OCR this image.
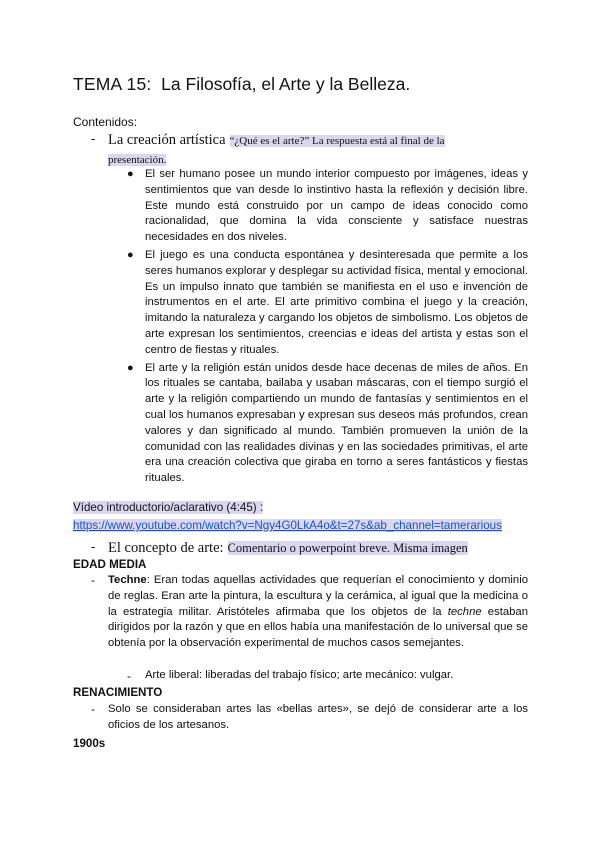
TEMA 15: La Filosofía, el Arte y la Belleza.
Contenidos:
- La creación artística “¿Qué es el arte?” La respuesta está al final de la
presentación.
● El ser humano posee un mundo interior compuesto por imágenes, ideas y sentimientos que van desde lo instintivo hasta la reflexión y decisión libre. Este mundo está construido por un campo de ideas conocido como racionalidad, que domina la vida consciente y satisface nuestras necesidades en dos niveles.
● El juego es una conducta espontánea y desinteresada que permite a los seres humanos explorar y desplegar su actividad física, mental y emocional. Es un impulso innato que también se manifiesta en el uso e invención de instrumentos en el arte. El arte primitivo combina el juego y la creación, imitando la naturaleza y cargando los objetos de simbolismo. Los objetos de arte expresan los sentimientos, creencias e ideas del artista y estas son el centro de fiestas y rituales.
● El arte y la religión están unidos desde hace decenas de miles de años. En los rituales se cantaba, bailaba y usaban máscaras, con el tiempo surgió el arte y la religión compartiendo un mundo de fantasías y sentimientos en el cual los humanos expresaban y expresan sus deseos más profundos, crean valores y dan significado al mundo. También promueven la unión de la comunidad con las realidades divinas y en las sociedades primitivas, el arte era una creación colectiva que giraba en torno a seres fantásticos y fiestas rituales.
Vídeo introductorio/aclarativo (4:45) :
https://www.youtube.com/watch?v=Ngy4G0LkA4o&t=27s&ab_channel=tamerarious
- El concepto de arte: Comentario o powerpoint breve. Misma imagen
EDAD MEDIA
- Techne: Eran todas aquellas actividades que requerían el conocimiento y dominio de reglas. Eran arte la pintura, la escultura y la cerámica, al igual que la medicina o la estrategia militar. Aristóteles afirmaba que los objetos de la techne estaban dirigidos por la razón y que en ellos había una manifestación de lo universal que se obtenía por la observación experimental de muchos casos semejantes.
- Arte liberal: liberadas del trabajo físico; arte mecánico: vulgar.
RENACIMIENTO
- Solo se consideraban artes las «bellas artes», se dejó de considerar arte a los oficios de los artesanos.
1900s
